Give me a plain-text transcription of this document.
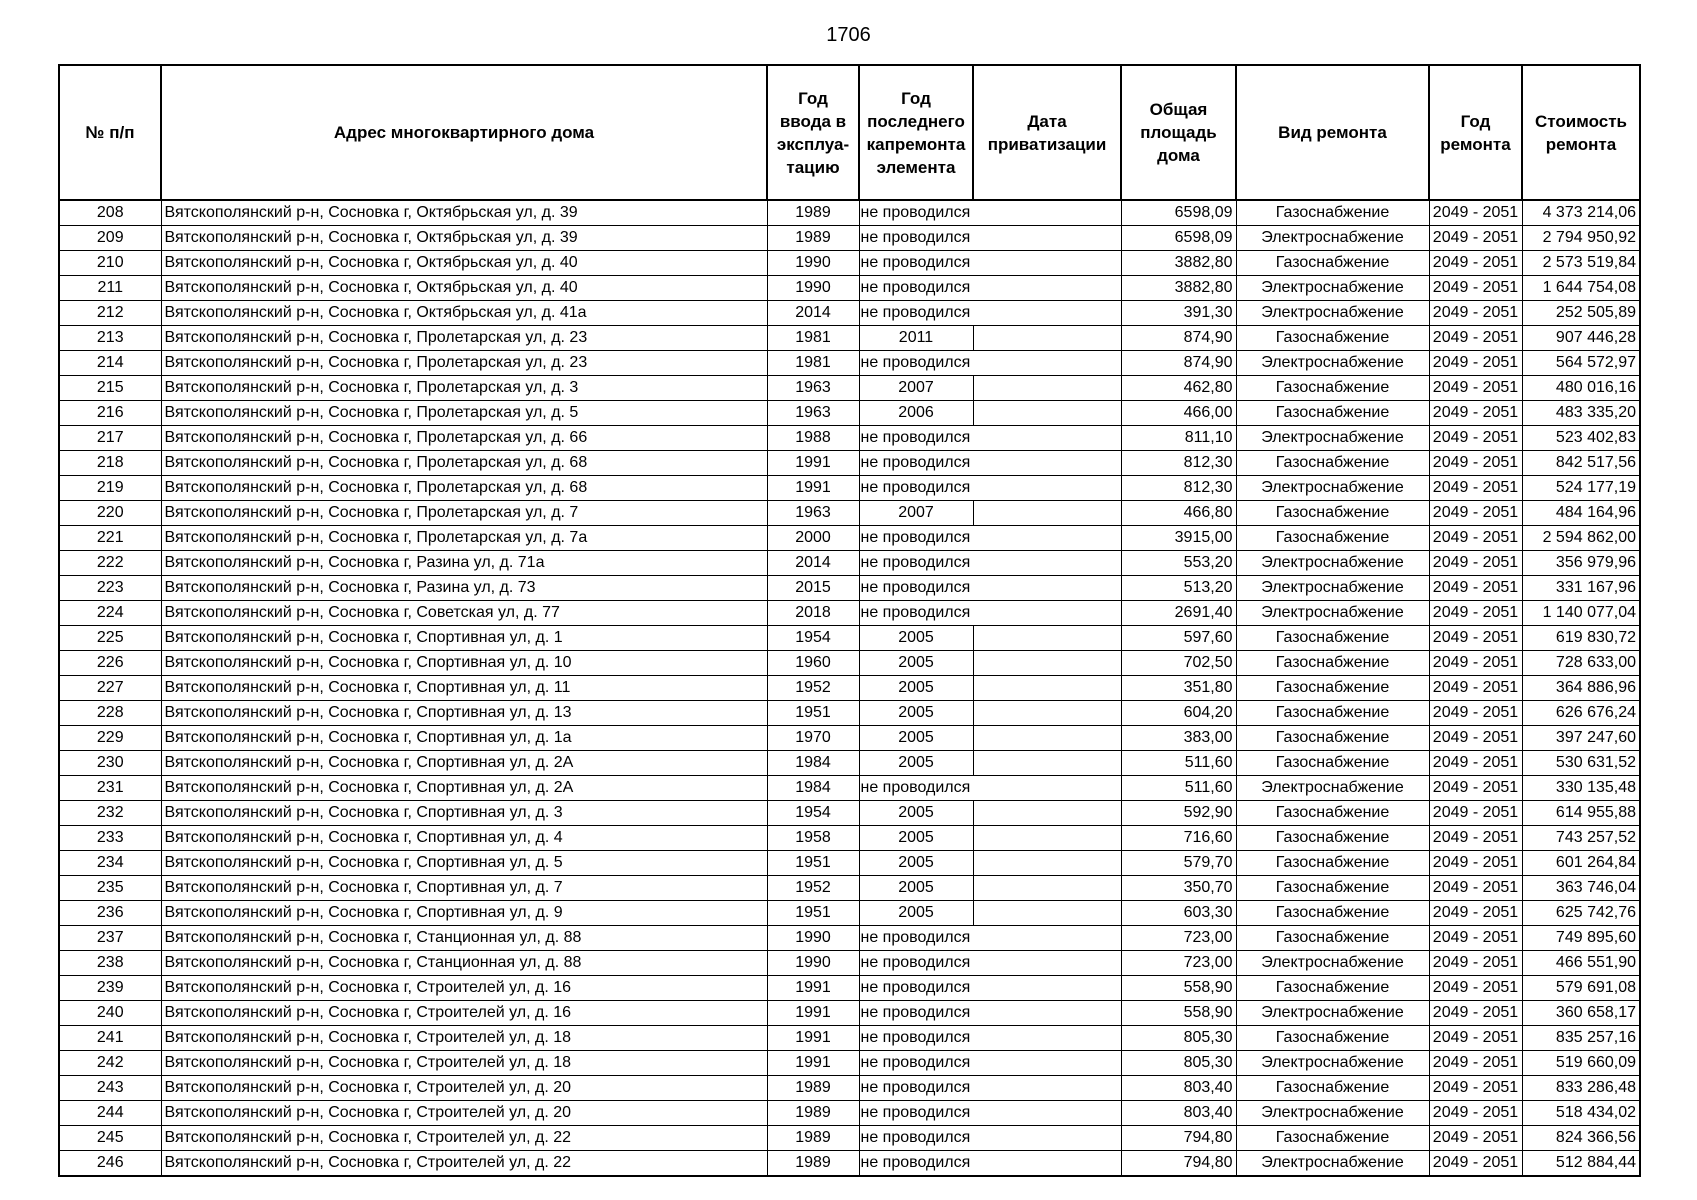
1706
№ п/п	Адрес многоквартирного дома	Год ввода в эксплуа-тацию	Год последнего капремонта элемента	Дата приватизации	Общая площадь дома	Вид ремонта	Год ремонта	Стоимость ремонта
208	Вятскополянский р-н, Сосновка г, Октябрьская ул, д. 39	1989	не проводился		6598,09	Газоснабжение	2049 - 2051	4 373 214,06
209	Вятскополянский р-н, Сосновка г, Октябрьская ул, д. 39	1989	не проводился		6598,09	Электроснабжение	2049 - 2051	2 794 950,92
210	Вятскополянский р-н, Сосновка г, Октябрьская ул, д. 40	1990	не проводился		3882,80	Газоснабжение	2049 - 2051	2 573 519,84
211	Вятскополянский р-н, Сосновка г, Октябрьская ул, д. 40	1990	не проводился		3882,80	Электроснабжение	2049 - 2051	1 644 754,08
212	Вятскополянский р-н, Сосновка г, Октябрьская ул, д. 41а	2014	не проводился		391,30	Электроснабжение	2049 - 2051	252 505,89
213	Вятскополянский р-н, Сосновка г, Пролетарская ул, д. 23	1981	2011		874,90	Газоснабжение	2049 - 2051	907 446,28
214	Вятскополянский р-н, Сосновка г, Пролетарская ул, д. 23	1981	не проводился		874,90	Электроснабжение	2049 - 2051	564 572,97
215	Вятскополянский р-н, Сосновка г, Пролетарская ул, д. 3	1963	2007		462,80	Газоснабжение	2049 - 2051	480 016,16
216	Вятскополянский р-н, Сосновка г, Пролетарская ул, д. 5	1963	2006		466,00	Газоснабжение	2049 - 2051	483 335,20
217	Вятскополянский р-н, Сосновка г, Пролетарская ул, д. 66	1988	не проводился		811,10	Электроснабжение	2049 - 2051	523 402,83
218	Вятскополянский р-н, Сосновка г, Пролетарская ул, д. 68	1991	не проводился		812,30	Газоснабжение	2049 - 2051	842 517,56
219	Вятскополянский р-н, Сосновка г, Пролетарская ул, д. 68	1991	не проводился		812,30	Электроснабжение	2049 - 2051	524 177,19
220	Вятскополянский р-н, Сосновка г, Пролетарская ул, д. 7	1963	2007		466,80	Газоснабжение	2049 - 2051	484 164,96
221	Вятскополянский р-н, Сосновка г, Пролетарская ул, д. 7а	2000	не проводился		3915,00	Газоснабжение	2049 - 2051	2 594 862,00
222	Вятскополянский р-н, Сосновка г, Разина ул, д. 71а	2014	не проводился		553,20	Электроснабжение	2049 - 2051	356 979,96
223	Вятскополянский р-н, Сосновка г, Разина ул, д. 73	2015	не проводился		513,20	Электроснабжение	2049 - 2051	331 167,96
224	Вятскополянский р-н, Сосновка г, Советская ул, д. 77	2018	не проводился		2691,40	Электроснабжение	2049 - 2051	1 140 077,04
225	Вятскополянский р-н, Сосновка г, Спортивная ул, д. 1	1954	2005		597,60	Газоснабжение	2049 - 2051	619 830,72
226	Вятскополянский р-н, Сосновка г, Спортивная ул, д. 10	1960	2005		702,50	Газоснабжение	2049 - 2051	728 633,00
227	Вятскополянский р-н, Сосновка г, Спортивная ул, д. 11	1952	2005		351,80	Газоснабжение	2049 - 2051	364 886,96
228	Вятскополянский р-н, Сосновка г, Спортивная ул, д. 13	1951	2005		604,20	Газоснабжение	2049 - 2051	626 676,24
229	Вятскополянский р-н, Сосновка г, Спортивная ул, д. 1а	1970	2005		383,00	Газоснабжение	2049 - 2051	397 247,60
230	Вятскополянский р-н, Сосновка г, Спортивная ул, д. 2А	1984	2005		511,60	Газоснабжение	2049 - 2051	530 631,52
231	Вятскополянский р-н, Сосновка г, Спортивная ул, д. 2А	1984	не проводился		511,60	Электроснабжение	2049 - 2051	330 135,48
232	Вятскополянский р-н, Сосновка г, Спортивная ул, д. 3	1954	2005		592,90	Газоснабжение	2049 - 2051	614 955,88
233	Вятскополянский р-н, Сосновка г, Спортивная ул, д. 4	1958	2005		716,60	Газоснабжение	2049 - 2051	743 257,52
234	Вятскополянский р-н, Сосновка г, Спортивная ул, д. 5	1951	2005		579,70	Газоснабжение	2049 - 2051	601 264,84
235	Вятскополянский р-н, Сосновка г, Спортивная ул, д. 7	1952	2005		350,70	Газоснабжение	2049 - 2051	363 746,04
236	Вятскополянский р-н, Сосновка г, Спортивная ул, д. 9	1951	2005		603,30	Газоснабжение	2049 - 2051	625 742,76
237	Вятскополянский р-н, Сосновка г, Станционная ул, д. 88	1990	не проводился		723,00	Газоснабжение	2049 - 2051	749 895,60
238	Вятскополянский р-н, Сосновка г, Станционная ул, д. 88	1990	не проводился		723,00	Электроснабжение	2049 - 2051	466 551,90
239	Вятскополянский р-н, Сосновка г, Строителей ул, д. 16	1991	не проводился		558,90	Газоснабжение	2049 - 2051	579 691,08
240	Вятскополянский р-н, Сосновка г, Строителей ул, д. 16	1991	не проводился		558,90	Электроснабжение	2049 - 2051	360 658,17
241	Вятскополянский р-н, Сосновка г, Строителей ул, д. 18	1991	не проводился		805,30	Газоснабжение	2049 - 2051	835 257,16
242	Вятскополянский р-н, Сосновка г, Строителей ул, д. 18	1991	не проводился		805,30	Электроснабжение	2049 - 2051	519 660,09
243	Вятскополянский р-н, Сосновка г, Строителей ул, д. 20	1989	не проводился		803,40	Газоснабжение	2049 - 2051	833 286,48
244	Вятскополянский р-н, Сосновка г, Строителей ул, д. 20	1989	не проводился		803,40	Электроснабжение	2049 - 2051	518 434,02
245	Вятскополянский р-н, Сосновка г, Строителей ул, д. 22	1989	не проводился		794,80	Газоснабжение	2049 - 2051	824 366,56
246	Вятскополянский р-н, Сосновка г, Строителей ул, д. 22	1989	не проводился		794,80	Электроснабжение	2049 - 2051	512 884,44
